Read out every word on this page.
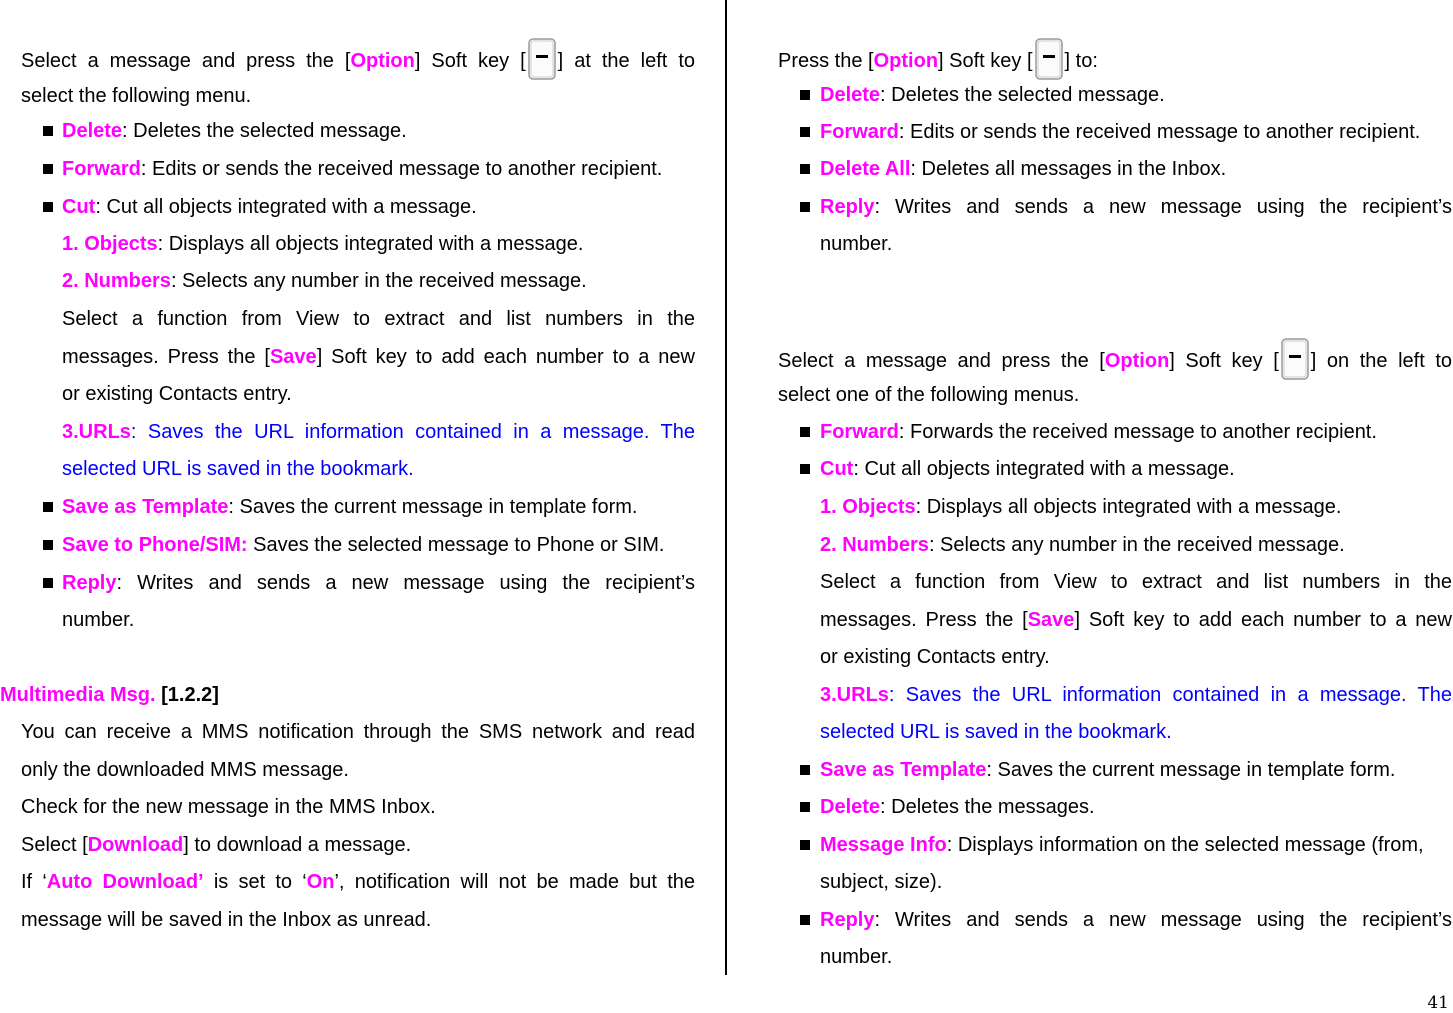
Select a message and press the [Option] Soft key [ ] at the left to
select the following menu.
Delete: Deletes the selected message.
Forward: Edits or sends the received message to another recipient.
Cut: Cut all objects integrated with a message.
1. Objects: Displays all objects integrated with a message.
2. Numbers: Selects any number in the received message.
Select a function from View to extract and list numbers in the
messages. Press the [Save] Soft key to add each number to a new
or existing Contacts entry.
3.URLs: Saves the URL information contained in a message. The
selected URL is saved in the bookmark.
Save as Template: Saves the current message in template form.
Save to Phone/SIM: Saves the selected message to Phone or SIM.
Reply: Writes and sends a new message using the recipient’s
number.
Multimedia Msg. [1.2.2]
You can receive a MMS notification through the SMS network and read
only the downloaded MMS message.
Check for the new message in the MMS Inbox.
Select [Download] to download a message.
If ‘Auto Download’ is set to ‘On’, notification will not be made but the
message will be saved in the Inbox as unread.
Press the [Option] Soft key [ ] to:
Delete: Deletes the selected message.
Forward: Edits or sends the received message to another recipient.
Delete All: Deletes all messages in the Inbox.
Reply: Writes and sends a new message using the recipient’s
number.
Select a message and press the [Option] Soft key [ ] on the left to
select one of the following menus.
Forward: Forwards the received message to another recipient.
Cut: Cut all objects integrated with a message.
1. Objects: Displays all objects integrated with a message.
2. Numbers: Selects any number in the received message.
Select a function from View to extract and list numbers in the
messages. Press the [Save] Soft key to add each number to a new
or existing Contacts entry.
3.URLs: Saves the URL information contained in a message. The
selected URL is saved in the bookmark.
Save as Template: Saves the current message in template form.
Delete: Deletes the messages.
Message Info: Displays information on the selected message (from,
subject, size).
Reply: Writes and sends a new message using the recipient’s
number.
41
